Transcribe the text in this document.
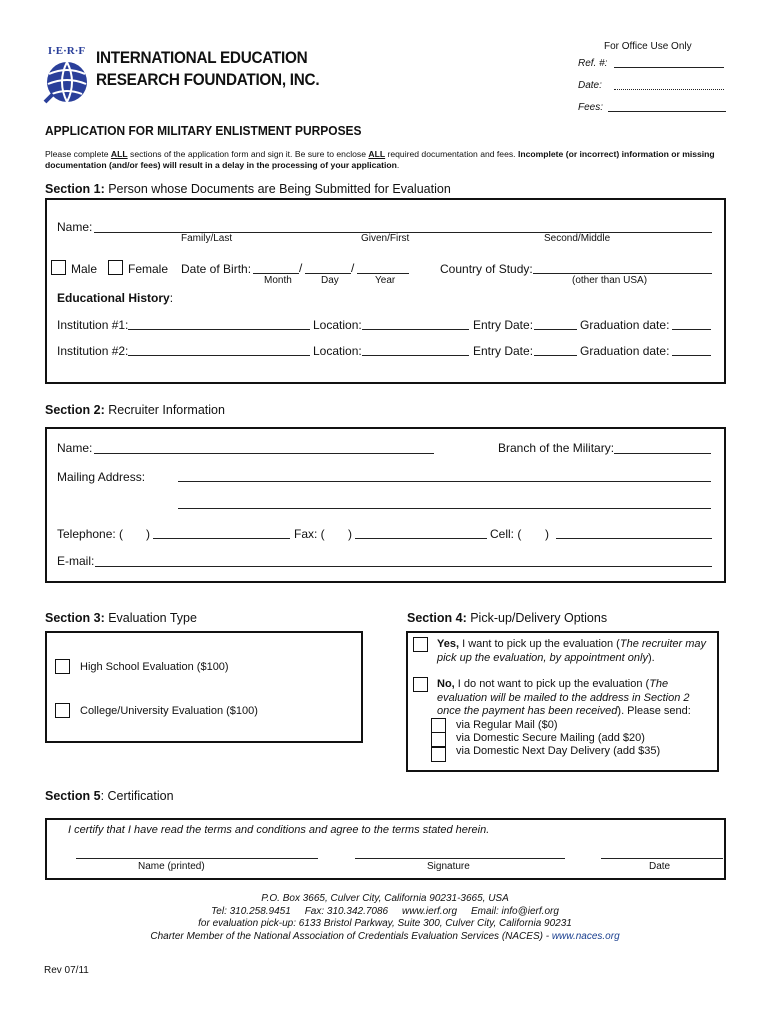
I·E·R·F INTERNATIONAL EDUCATION
RESEARCH FOUNDATION, INC.
For Office Use Only
Ref. #:
Date:
Fees:
APPLICATION FOR MILITARY ENLISTMENT PURPOSES
Please complete ALL sections of the application form and sign it. Be sure to enclose ALL required documentation and fees. Incomplete (or incorrect) information or missing documentation (and/or fees) will result in a delay in the processing of your application.
Section 1: Person whose Documents are Being Submitted for Evaluation
Name:
Family/Last	Given/First	Second/Middle
Male	Female Date of Birth:	/	/
Month	Day	Year
Country of Study:
(other than USA)
Educational History:
Institution #1:	Location:	Entry Date:	Graduation date:
Institution #2:	Location:	Entry Date:	Graduation date:
Section 2: Recruiter Information
Name:	Branch of the Military:
Mailing Address:
Telephone: ( )	Fax: ( )	Cell: ( )
E-mail:
Section 3: Evaluation Type
High School Evaluation ($100)
College/University Evaluation ($100)
Section 4: Pick-up/Delivery Options
Yes, I want to pick up the evaluation (The recruiter may pick up the evaluation, by appointment only).
No, I do not want to pick up the evaluation (The evaluation will be mailed to the address in Section 2 once the payment has been received). Please send:
via Regular Mail ($0)
via Domestic Secure Mailing (add $20)
via Domestic Next Day Delivery (add $35)
Section 5: Certification
I certify that I have read the terms and conditions and agree to the terms stated herein.
Name (printed)	Signature	Date
P.O. Box 3665, Culver City, California 90231-3665, USA
Tel: 310.258.9451 Fax: 310.342.7086 www.ierf.org Email: info@ierf.org
for evaluation pick-up: 6133 Bristol Parkway, Suite 300, Culver City, California 90231
Charter Member of the National Association of Credentials Evaluation Services (NACES) - www.naces.org
Rev 07/11
